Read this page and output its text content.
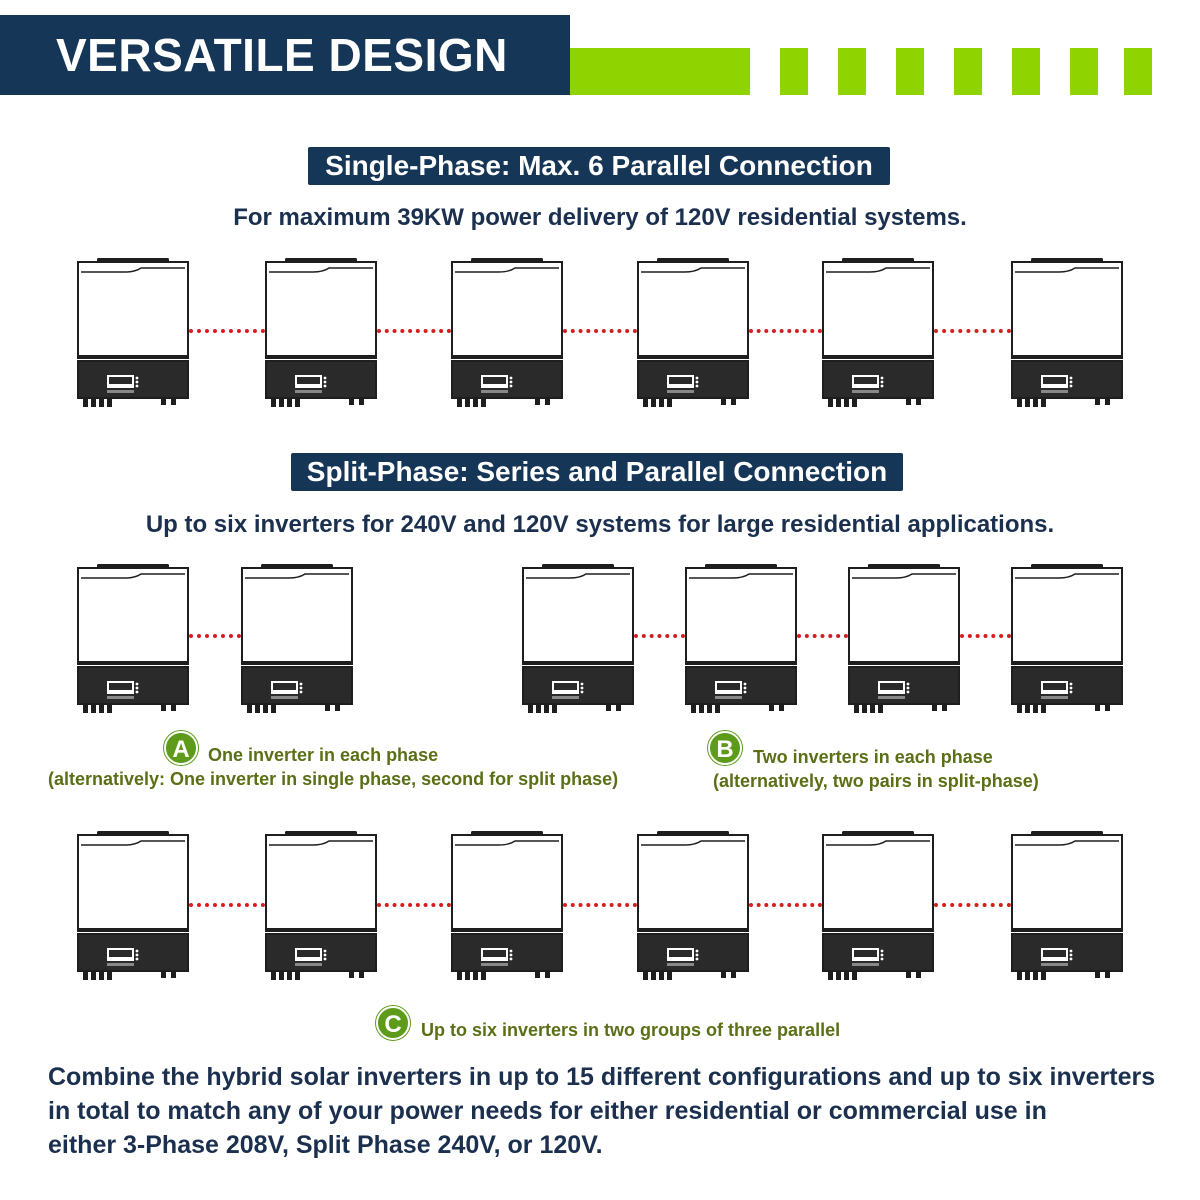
VERSATILE DESIGN
Single-Phase: Max. 6 Parallel Connection
For maximum 39KW power delivery of 120V residential systems.
Split-Phase: Series and Parallel Connection
Up to six inverters for 240V and 120V systems for large residential applications.
A	One inverter in each phase
(alternatively: One inverter in single phase, second for split phase)
B	Two inverters in each phase
(alternatively, two pairs in split-phase)
C	Up to six inverters in two groups of three parallel
Combine the hybrid solar inverters in up to 15 different configurations and up to six inverters
in total to match any of your power needs for either residential or commercial use in
either 3-Phase 208V, Split Phase 240V, or 120V.
